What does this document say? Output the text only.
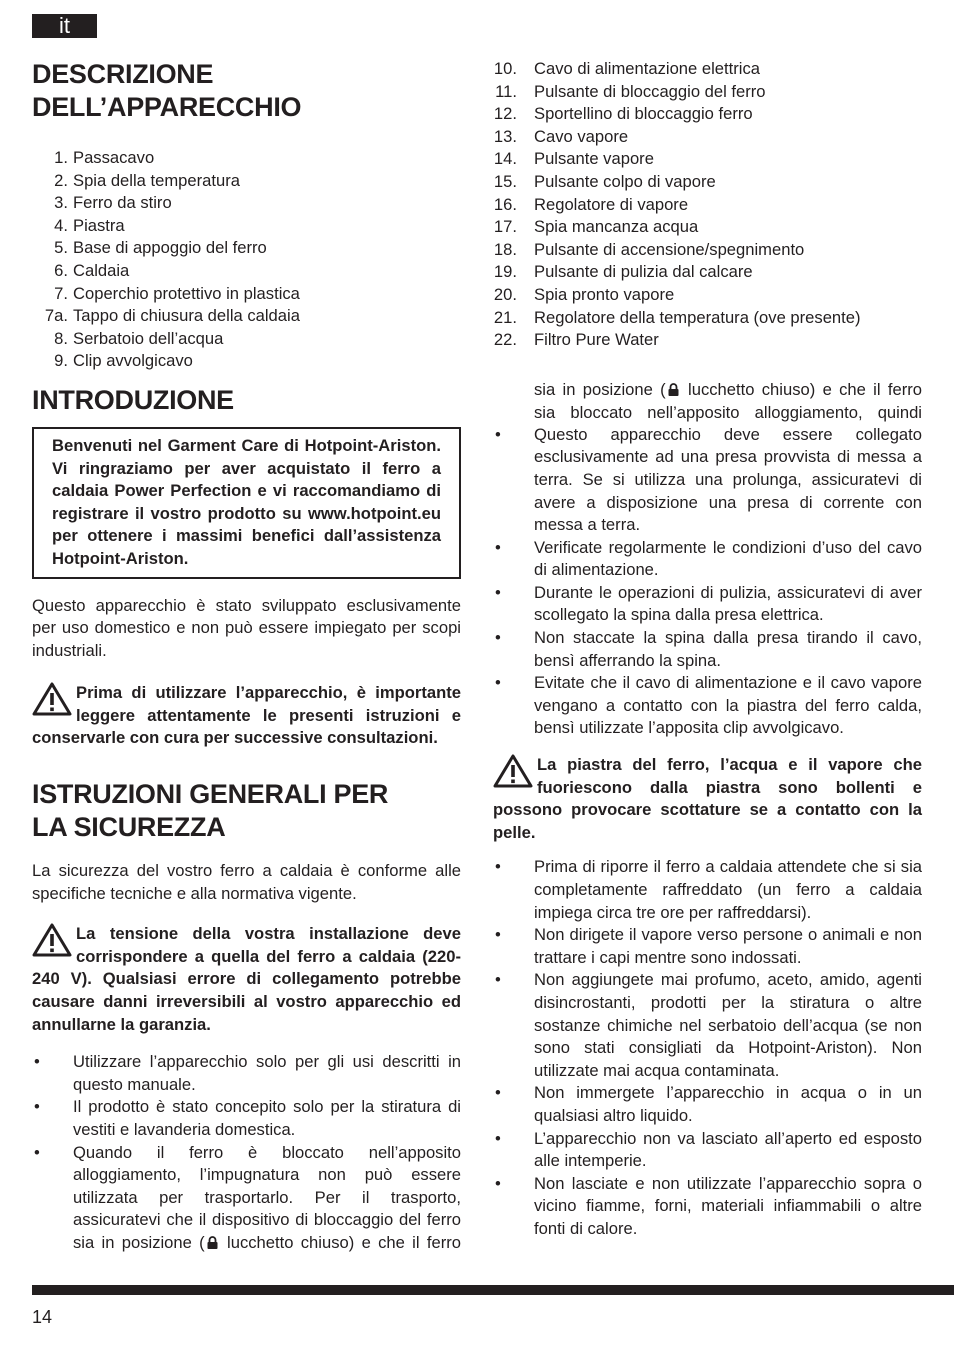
it
DESCRIZIONE
DELL’APPARECCHIO
1. Passacavo
2. Spia della temperatura
3. Ferro da stiro
4. Piastra
5. Base di appoggio del ferro
6. Caldaia
7. Coperchio protettivo in plastica
7a. Tappo di chiusura della caldaia
8. Serbatoio dell’acqua
9. Clip avvolgicavo
INTRODUZIONE
Benvenuti nel Garment Care di Hotpoint-Ariston. Vi ringraziamo per aver acquistato il ferro a caldaia Power Perfection e vi raccomandiamo di registrare il vostro prodotto su www.hotpoint.eu per ottenere i massimi benefici dall’assistenza Hotpoint-Ariston.

Questo apparecchio è stato sviluppato esclusivamente per uso domestico e non può essere impiegato per scopi industriali.

Prima di utilizzare l’apparecchio, è importante leggere attentamente le presenti istruzioni e conservarle con cura per successive consultazioni.
ISTRUZIONI GENERALI PER
LA SICUREZZA

La sicurezza del vostro ferro a caldaia è conforme alle specifiche tecniche e alla normativa vigente.

La tensione della vostra installazione deve corrispondere a quella del ferro a caldaia (220-240 V). Qualsiasi errore di collegamento potrebbe causare danni irreversibili al vostro apparecchio ed annullarne la garanzia.
• Utilizzare l’apparecchio solo per gli usi descritti in questo manuale.
• Il prodotto è stato concepito solo per la stiratura di vestiti e lavanderia domestica.
• Quando il ferro è bloccato nell’apposito alloggiamento, l’impugnatura non può essere utilizzata per trasportarlo. Per il trasporto, assicuratevi che il dispositivo di bloccaggio del ferro sia in posizione ( lucchetto chiuso) e che il ferro
10. Cavo di alimentazione elettrica
11. Pulsante di bloccaggio del ferro
12. Sportellino di bloccaggio ferro
13. Cavo vapore
14. Pulsante vapore
15. Pulsante colpo di vapore
16. Regolatore di vapore
17. Spia mancanza acqua
18. Pulsante di accensione/spegnimento
19. Pulsante di pulizia dal calcare
20. Spia pronto vapore
21. Regolatore della temperatura (ove presente)
22. Filtro Pure Water
sia in posizione ( lucchetto chiuso) e che il ferro sia bloccato nell’apposito alloggiamento, quindi
• Questo apparecchio deve essere collegato esclusivamente ad una presa provvista di messa a terra. Se si utilizza una prolunga, assicuratevi di avere a disposizione una presa di corrente con messa a terra.
• Verificate regolarmente le condizioni d’uso del cavo di alimentazione.
• Durante le operazioni di pulizia, assicuratevi di aver scollegato la spina dalla presa elettrica.
• Non staccate la spina dalla presa tirando il cavo, bensì afferrando la spina.
• Evitate che il cavo di alimentazione e il cavo vapore vengano a contatto con la piastra del ferro calda, bensì utilizzate l’apposita clip avvolgicavo.
La piastra del ferro, l’acqua e il vapore che fuoriescono dalla piastra sono bollenti e possono provocare scottature se a contatto con la pelle.
• Prima di riporre il ferro a caldaia attendete che si sia completamente raffreddato (un ferro a caldaia impiega circa tre ore per raffreddarsi).
• Non dirigete il vapore verso persone o animali e non trattare i capi mentre sono indossati.
• Non aggiungete mai profumo, aceto, amido, agenti disincrostanti, prodotti per la stiratura o altre sostanze chimiche nel serbatoio dell’acqua (se non sono stati consigliati da Hotpoint-Ariston). Non utilizzate mai acqua contaminata.
• Non immergete l’apparecchio in acqua o in un qualsiasi altro liquido.
• L’apparecchio non va lasciato all’aperto ed esposto alle intemperie.
• Non lasciate e non utilizzate l’apparecchio sopra o vicino fiamme, forni, materiali infiammabili o altre fonti di calore.
14
